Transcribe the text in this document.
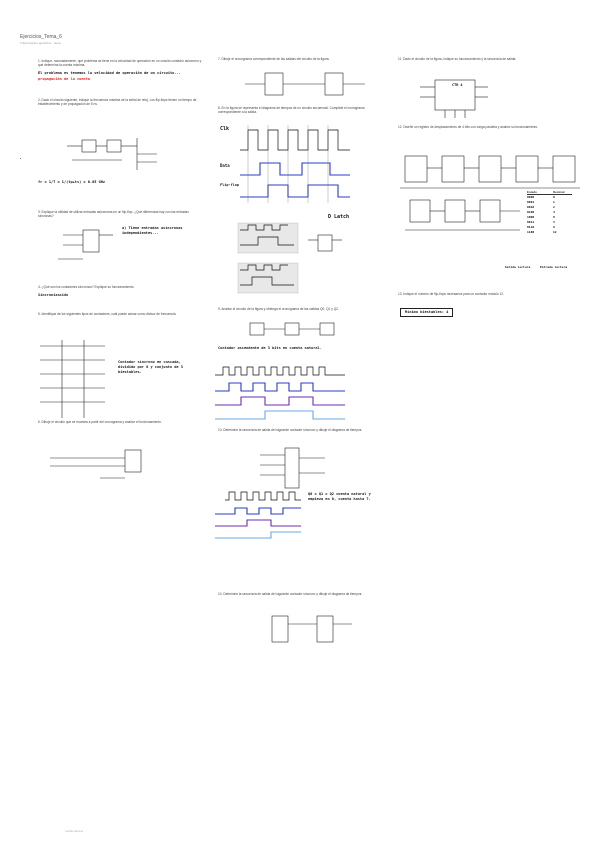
Ejercicios_Tema_6
Transcripción ejercicios · tema

1. Indique, razonadamente, qué problema se tiene en la velocidad de operación en un circuito contador asíncrono y qué determina la cuenta máxima.

El problema es tenemos la velocidad de operación de un circuito...

propagación de la cuenta

2. Dado el circuito siguiente, indique la frecuencia máxima de la señal de reloj. Los flip-flops tienen un tiempo de establecimiento y de propagación de 5 ns.

fr = 1/T = 1/(tp+ts) = 0.05 GHz

3. Explique la utilidad de utilizar entradas asíncronas en un flip-flop. ¿Qué diferencias hay con las entradas síncronas?

a) Tiene entradas asíncronas independientes...

4. ¿Qué son los contadores síncronos? Explique su funcionamiento.

Sincronización

5. Identifique de los siguientes tipos de contadores, cuál puede actuar como divisor de frecuencia.

Contador síncrono en cascada, dividido por 8 y conjunto de 3 biestables.

6. Dibuje el circuito que se muestra a partir del cronograma y analice el funcionamiento.

7. Dibuje el cronograma correspondiente de las salidas del circuito de la figura.

8. En la figura se representa el diagrama de tiempos de un circuito secuencial. Complete el cronograma correspondiente a la salida.

Clk
Data
Flip-flop
D Latch

9. Analice el circuito de la figura y obtenga el cronograma de las salidas Q0, Q1 y Q2.

Contador ascendente de 3 bits en cuenta natural.

10. Determine la secuencia de salida del siguiente contador síncrono y dibuje el diagrama de tiempos.

Q0 = Q1 = Q2 cuenta natural y empieza en 0, cuenta hasta 7.

10. Determine la secuencia de salida del siguiente contador síncrono y dibuje el diagrama de tiempos.

11. Dado el circuito de la figura, indique su funcionamiento y la secuencia de salida.

CTR 4

12. Diseñe un registro de desplazamiento de 4 bits con carga paralela y analice su funcionamiento.

Estado	Decimal
0000	0
0001	1
0010	2
0100	4
1000	8
0011	3
0110	6
1100	12
Salida lectura	Entrada lectura

13. Indique el número de flip-flops necesarios para un contador módulo 12.

Mínimo biestables: 4
nombre alumno
